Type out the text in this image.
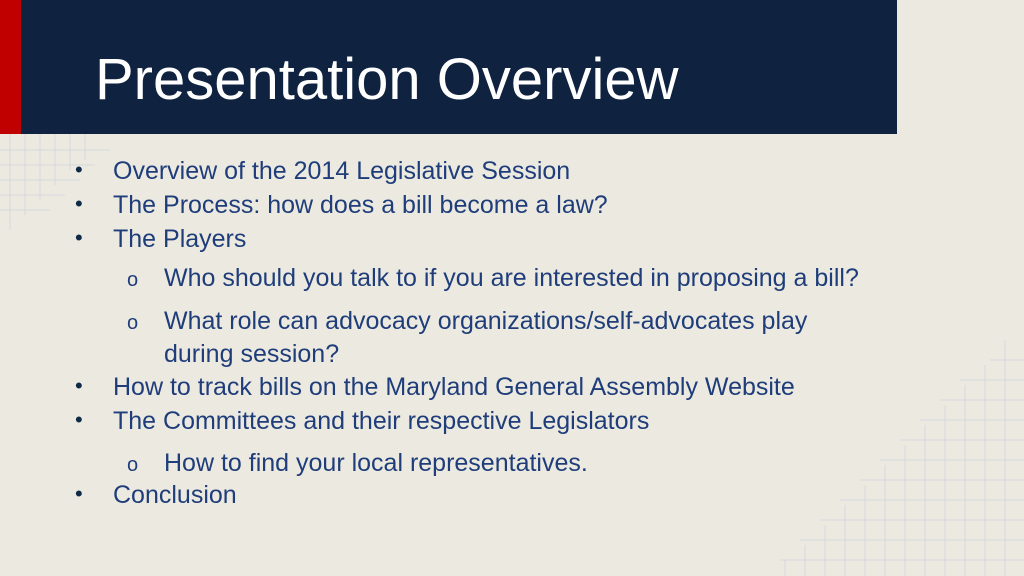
Presentation Overview
• Overview of the 2014 Legislative Session
• The Process: how does a bill become a law?
• The Players
o Who should you talk to if you are interested in proposing a bill?
o What role can advocacy organizations/self-advocates play
during session?
• How to track bills on the Maryland General Assembly Website
• The Committees and their respective Legislators
o How to find your local representatives.
• Conclusion
